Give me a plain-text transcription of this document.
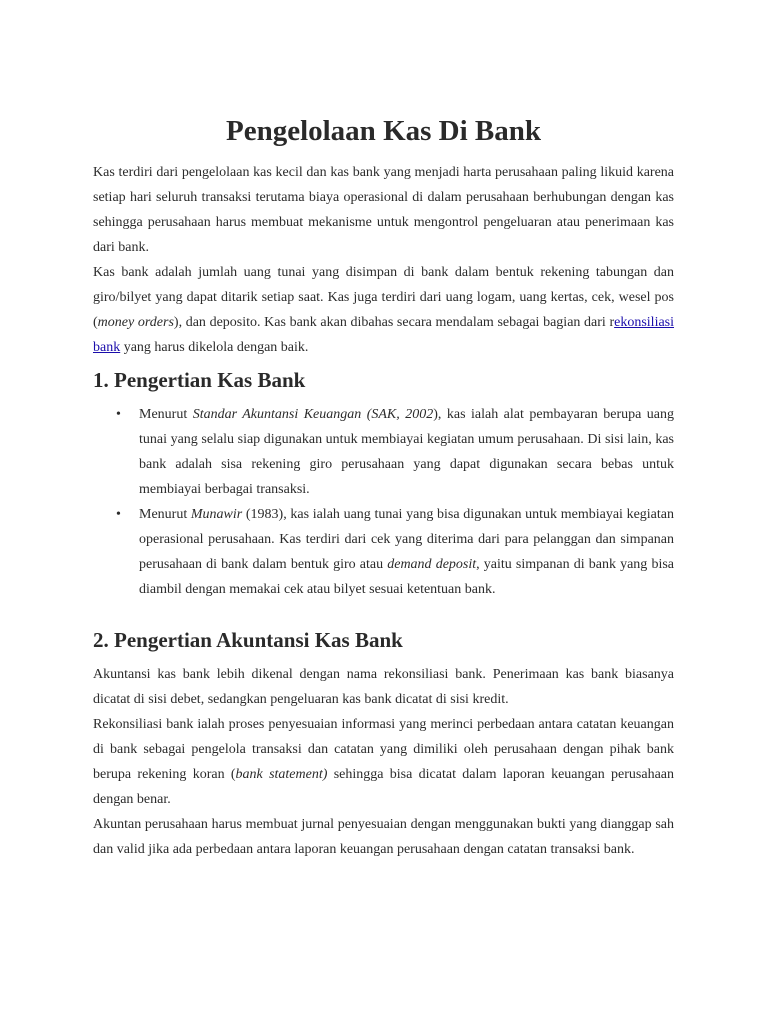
Pengelolaan Kas Di Bank

Kas terdiri dari pengelolaan kas kecil dan kas bank yang menjadi harta perusahaan paling likuid karena setiap hari seluruh transaksi terutama biaya operasional di dalam perusahaan berhubungan dengan kas sehingga perusahaan harus membuat mekanisme untuk mengontrol pengeluaran atau penerimaan kas dari bank.

Kas bank adalah jumlah uang tunai yang disimpan di bank dalam bentuk rekening tabungan dan giro/bilyet yang dapat ditarik setiap saat. Kas juga terdiri dari uang logam, uang kertas, cek, wesel pos (money orders), dan deposito. Kas bank akan dibahas secara mendalam sebagai bagian dari rekonsiliasi bank yang harus dikelola dengan baik.

1. Pengertian Kas Bank
• Menurut Standar Akuntansi Keuangan (SAK, 2002), kas ialah alat pembayaran berupa uang tunai yang selalu siap digunakan untuk membiayai kegiatan umum perusahaan. Di sisi lain, kas bank adalah sisa rekening giro perusahaan yang dapat digunakan secara bebas untuk membiayai berbagai transaksi.
• Menurut Munawir (1983), kas ialah uang tunai yang bisa digunakan untuk membiayai kegiatan operasional perusahaan. Kas terdiri dari cek yang diterima dari para pelanggan dan simpanan perusahaan di bank dalam bentuk giro atau demand deposit, yaitu simpanan di bank yang bisa diambil dengan memakai cek atau bilyet sesuai ketentuan bank.
2. Pengertian Akuntansi Kas Bank

Akuntansi kas bank lebih dikenal dengan nama rekonsiliasi bank. Penerimaan kas bank biasanya dicatat di sisi debet, sedangkan pengeluaran kas bank dicatat di sisi kredit.

Rekonsiliasi bank ialah proses penyesuaian informasi yang merinci perbedaan antara catatan keuangan di bank sebagai pengelola transaksi dan catatan yang dimiliki oleh perusahaan dengan pihak bank berupa rekening koran (bank statement) sehingga bisa dicatat dalam laporan keuangan perusahaan dengan benar.

Akuntan perusahaan harus membuat jurnal penyesuaian dengan menggunakan bukti yang dianggap sah dan valid jika ada perbedaan antara laporan keuangan perusahaan dengan catatan transaksi bank.
